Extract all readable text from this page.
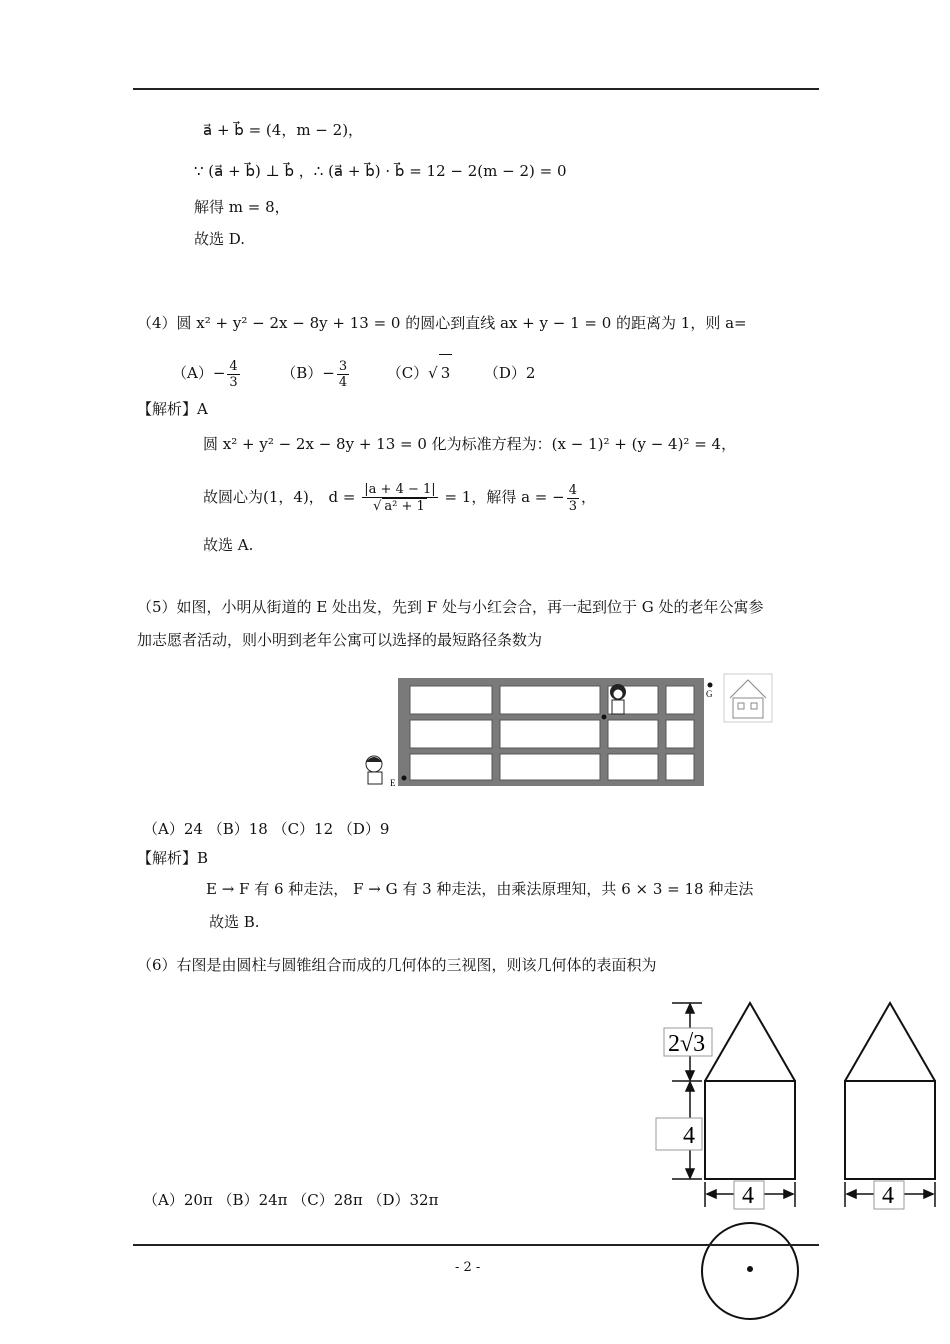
a⃗ + b⃗ = (4，m − 2)，
∵ (a⃗ + b⃗) ⊥ b⃗ ，∴ (a⃗ + b⃗) · b⃗ = 12 − 2(m − 2) = 0
解得 m = 8，
故选 D.
（4）圆 x² + y² − 2x − 8y + 13 = 0 的圆心到直线 ax + y − 1 = 0 的距离为 1，则 a=
$(A)- \frac{4}{3}$	$(B)- \frac{3}{4}$	（C）√ 3 （D）2
【解析】A
圆 x² + y² − 2x − 8y + 13 = 0 化为标准方程为：(x − 1)² + (y − 4)² = 4，
故圆心为(1，4)， $d = \frac{|a + 4 - 1|}{\text{√ a² + 1}} = 1$，解得 a = − $\frac{4}{3}$ ，
故选 A.
（5）如图，小明从街道的 E 处出发，先到 F 处与小红会合，再一起到位于 G 处的老年公寓参
加志愿者活动，则小明到老年公寓可以选择的最短路径条数为
G
E
（A）24 （B）18 （C）12 （D）9
【解析】B
E → F 有 6 种走法， F → G 有 3 种走法，由乘法原理知，共 6 × 3 = 18 种走法
故选 B.
（6）右图是由圆柱与圆锥组合而成的几何体的三视图，则该几何体的表面积为
（A）20π （B）24π （C）28π （D）32π
2√3
4
4	4
- 2 -
